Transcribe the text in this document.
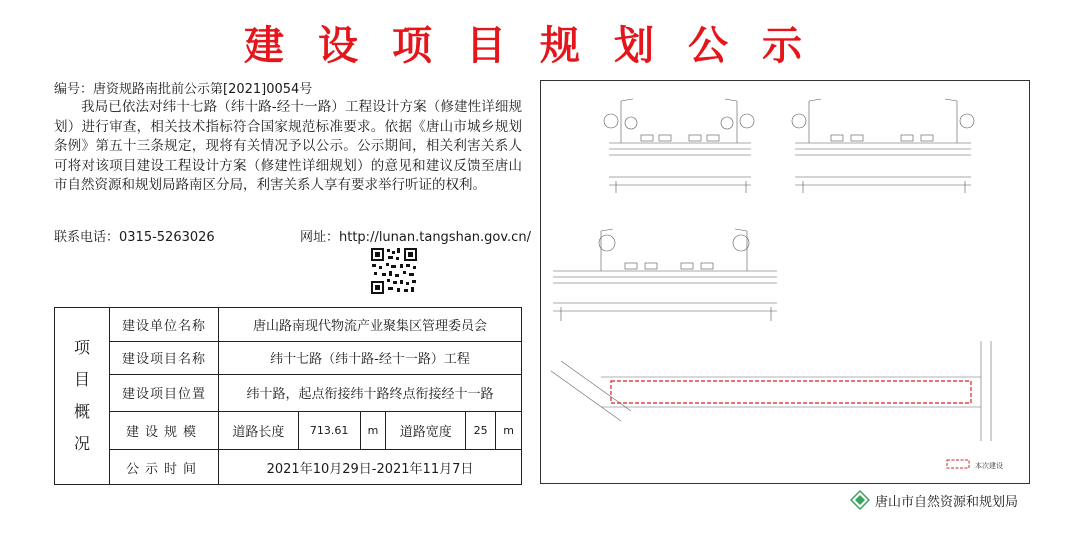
建设项目规划公示
编号：唐资规路南批前公示第[2021]0054号
我局已依法对纬十七路（纬十路-经十一路）工程设计方案（修建性详细规划）进行审查，相关技术指标符合国家规范标准要求。依据《唐山市城乡规划条例》第五十三条规定，现将有关情况予以公示。公示期间，相关利害关系人可将对该项目建设工程设计方案（修建性详细规划）的意见和建议反馈至唐山市自然资源和规划局路南区分局，利害关系人享有要求举行听证的权利。
联系电话：0315-5263026	网址：http://lunan.tangshan.gov.cn/
项
目
概
况	建设单位名称	唐山路南现代物流产业聚集区管理委员会					
	建设项目名称	纬十七路（纬十路-经十一路）工程					
	建设项目位置	纬十路，起点衔接纬十路终点衔接经十一路					
	建设规模	道路长度	713.61	m	道路宽度	25	m
	公示时间	2021年10月29日-2021年11月7日						本次建设
唐山市自然资源和规划局
